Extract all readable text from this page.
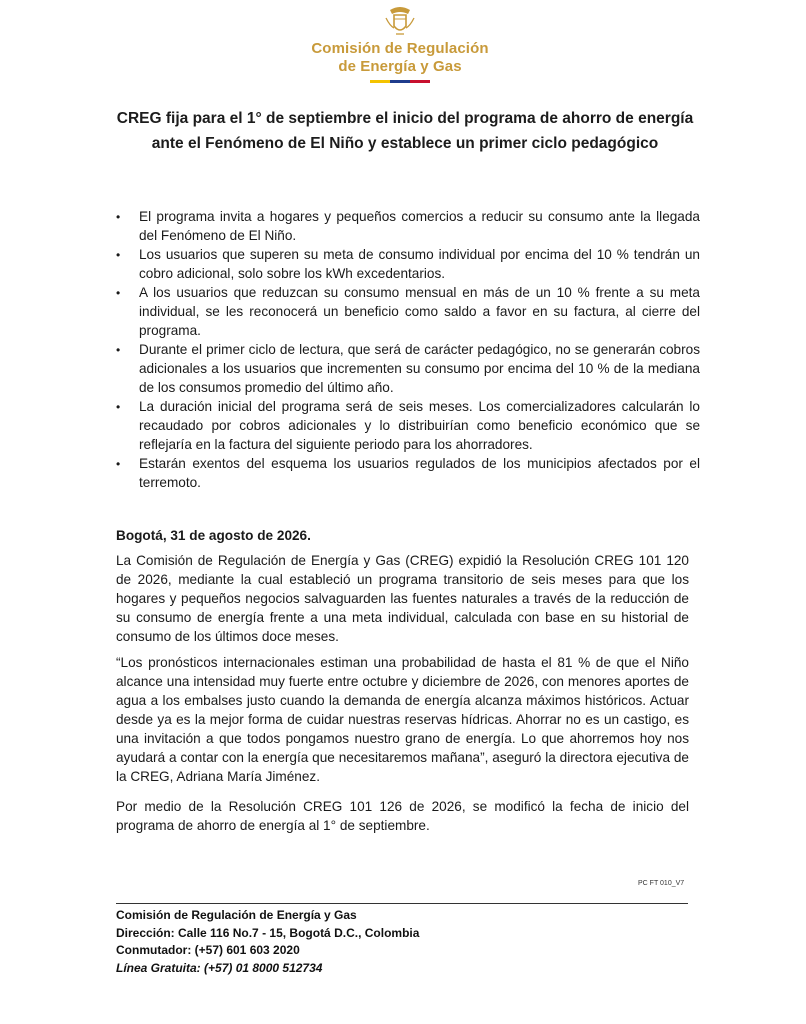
Comisión de Regulación
de Energía y Gas
CREG fija para el 1° de septiembre el inicio del programa de ahorro de energía ante el Fenómeno de El Niño y establece un primer ciclo pedagógico
• El programa invita a hogares y pequeños comercios a reducir su consumo ante la llegada del Fenómeno de El Niño.
• Los usuarios que superen su meta de consumo individual por encima del 10 % tendrán un cobro adicional, solo sobre los kWh excedentarios.
• A los usuarios que reduzcan su consumo mensual en más de un 10 % frente a su meta individual, se les reconocerá un beneficio como saldo a favor en su factura, al cierre del programa.
• Durante el primer ciclo de lectura, que será de carácter pedagógico, no se generarán cobros adicionales a los usuarios que incrementen su consumo por encima del 10 % de la mediana de los consumos promedio del último año.
• La duración inicial del programa será de seis meses. Los comercializadores calcularán lo recaudado por cobros adicionales y lo distribuirían como beneficio económico que se reflejaría en la factura del siguiente periodo para los ahorradores.
• Estarán exentos del esquema los usuarios regulados de los municipios afectados por el terremoto.
Bogotá, 31 de agosto de 2026.

La Comisión de Regulación de Energía y Gas (CREG) expidió la Resolución CREG 101 120 de 2026, mediante la cual estableció un programa transitorio de seis meses para que los hogares y pequeños negocios salvaguarden las fuentes naturales a través de la reducción de su consumo de energía frente a una meta individual, calculada con base en su historial de consumo de los últimos doce meses.

“Los pronósticos internacionales estiman una probabilidad de hasta el 81 % de que el Niño alcance una intensidad muy fuerte entre octubre y diciembre de 2026, con menores aportes de agua a los embalses justo cuando la demanda de energía alcanza máximos históricos. Actuar desde ya es la mejor forma de cuidar nuestras reservas hídricas. Ahorrar no es un castigo, es una invitación a que todos pongamos nuestro grano de energía. Lo que ahorremos hoy nos ayudará a contar con la energía que necesitaremos mañana”, aseguró la directora ejecutiva de la CREG, Adriana María Jiménez.

Por medio de la Resolución CREG 101 126 de 2026, se modificó la fecha de inicio del programa de ahorro de energía al 1° de septiembre.

PC FT 010_V7
Comisión de Regulación de Energía y Gas
Dirección: Calle 116 No.7 - 15, Bogotá D.C., Colombia
Conmutador: (+57) 601 603 2020
Línea Gratuita: (+57) 01 8000 512734
